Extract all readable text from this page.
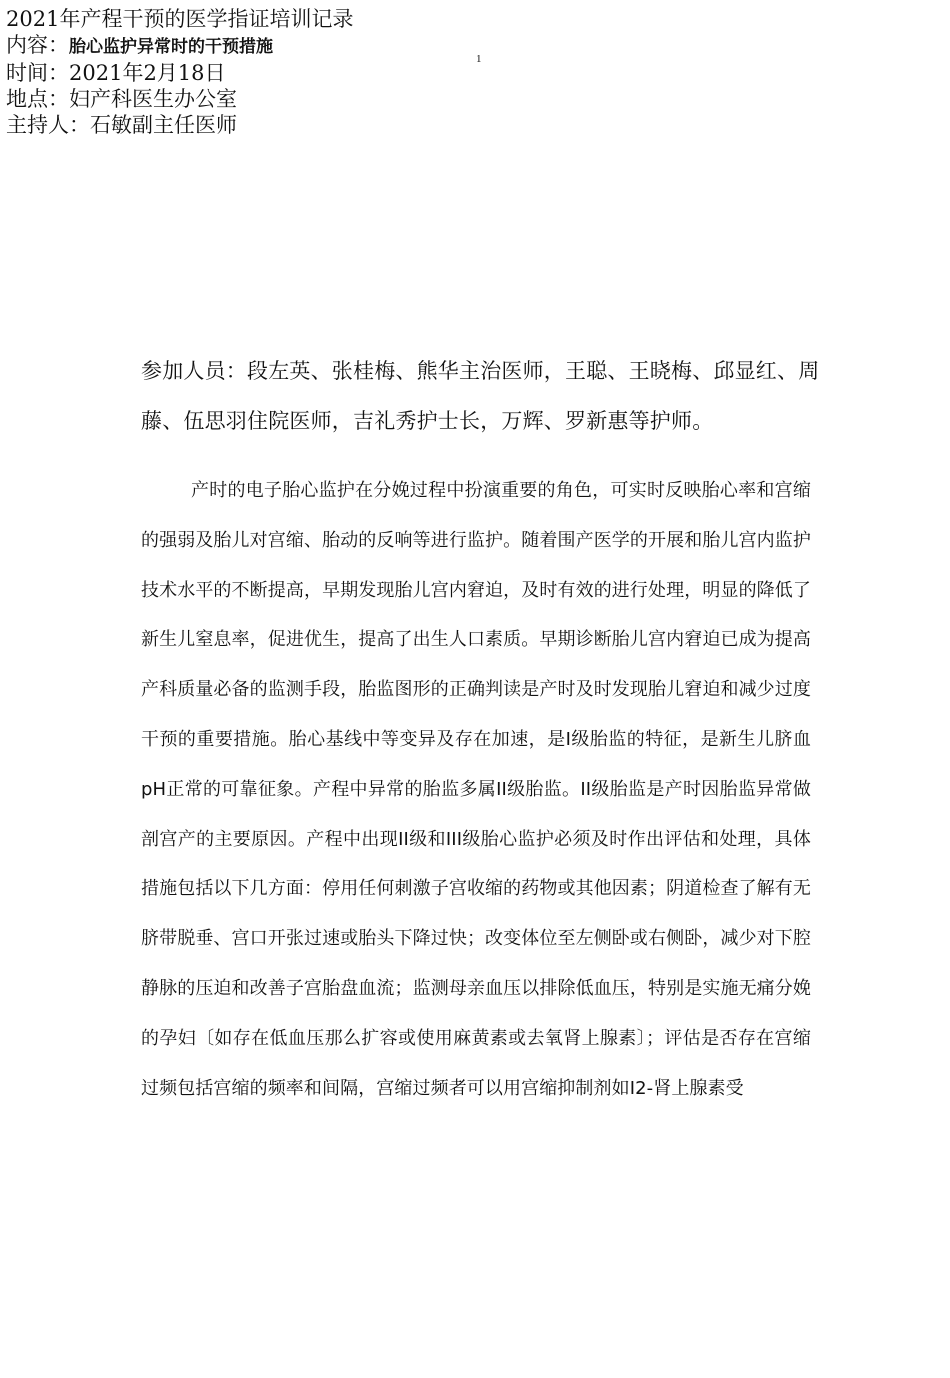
2021年产程干预的医学指证培训记录
内容：胎心监护异常时的干预措施
时间：2021年2月18日
地点：妇产科医生办公室
主持人：石敏副主任医师
1
参加人员：段左英、张桂梅、熊华主治医师，王聪、王晓梅、邱显红、周藤、伍思羽住院医师，吉礼秀护士长，万辉、罗新惠等护师。
产时的电子胎心监护在分娩过程中扮演重要的角色，可实时反映胎心率和宫缩的强弱及胎儿对宫缩、胎动的反响等进行监护。随着围产医学的开展和胎儿宫内监护技术水平的不断提高，早期发现胎儿宫内窘迫，及时有效的进行处理，明显的降低了新生儿窒息率，促进优生，提高了出生人口素质。早期诊断胎儿宫内窘迫已成为提高产科质量必备的监测手段，胎监图形的正确判读是产时及时发现胎儿窘迫和减少过度干预的重要措施。胎心基线中等变异及存在加速，是I级胎监的特征，是新生儿脐血pH正常的可靠征象。产程中异常的胎监多属II级胎监。II级胎监是产时因胎监异常做剖宫产的主要原因。产程中出现II级和III级胎心监护必须及时作出评估和处理，具体措施包括以下几方面：停用任何刺激子宫收缩的药物或其他因素；阴道检查了解有无脐带脱垂、宫口开张过速或胎头下降过快；改变体位至左侧卧或右侧卧，减少对下腔静脉的压迫和改善子宫胎盘血流；监测母亲血压以排除低血压，特别是实施无痛分娩的孕妇〔如存在低血压那么扩容或使用麻黄素或去氧肾上腺素〕；评估是否存在宫缩过频包括宫缩的频率和间隔，宫缩过频者可以用宫缩抑制剂如Ⅰ2-肾上腺素受
